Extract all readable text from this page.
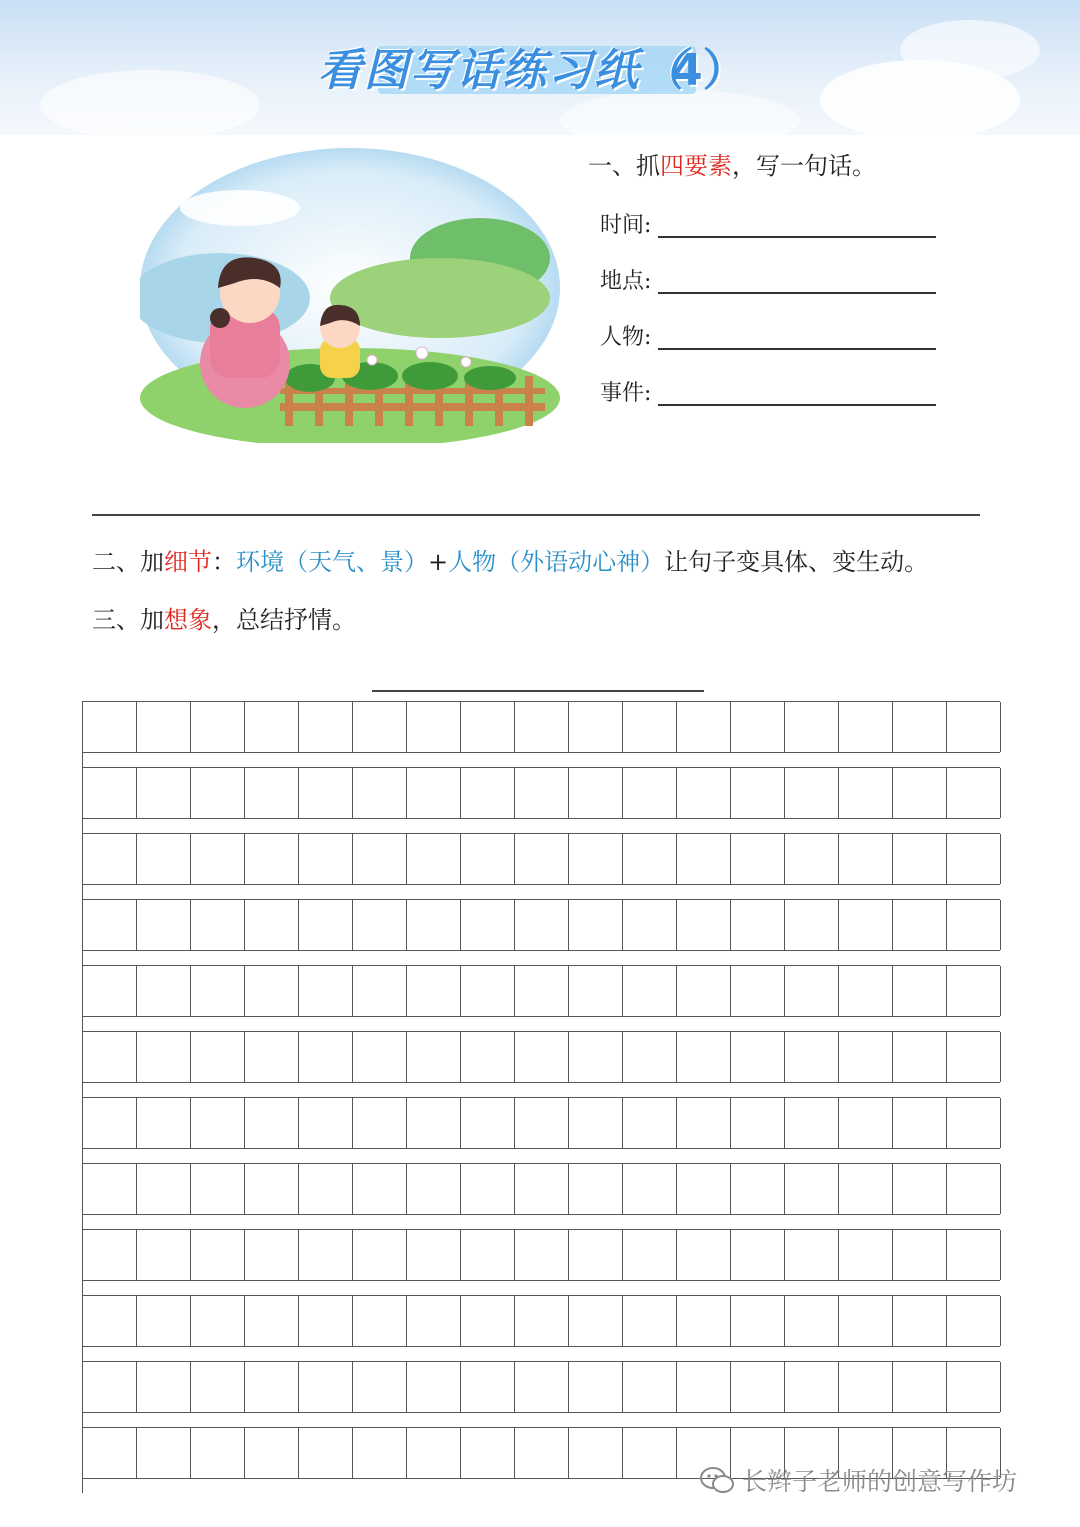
看图写话练习纸（
4）
一、抓四要素，写一句话。
时间:
地点:
人物:
事件:
二、加细节：环境（天气、景）+人物（外语动心神）让句子变具体、变生动。
三、加想象，总结抒情。
长辫子老师的创意写作坊
